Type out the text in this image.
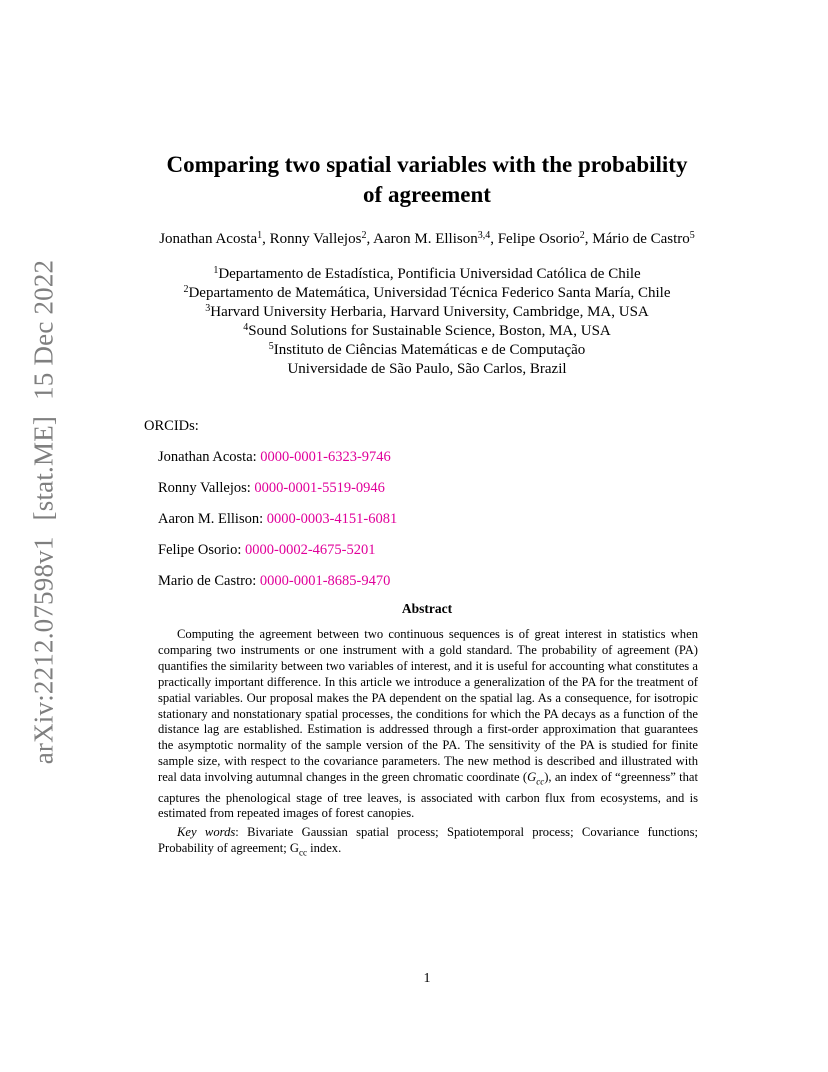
arXiv:2212.07598v1[stat.ME]15 Dec 2022
Comparing two spatial variables with the probability
of agreement
Jonathan Acosta$^1$, Ronny Vallejos$^2$, Aaron M. Ellison$^{3,4}$, Felipe Osorio$^2$, Mário de Castro$^5$
$^1$Departamento de Estadística, Pontificia Universidad Católica de Chile
$^2$Departamento de Matemática, Universidad Técnica Federico Santa María, Chile
$^3$Harvard University Herbaria, Harvard University, Cambridge, MA, USA
$^4$Sound Solutions for Sustainable Science, Boston, MA, USA
$^5$Instituto de Ciências Matemáticas e de Computação
Universidade de São Paulo, São Carlos, Brazil
ORCIDs:
Jonathan Acosta: 0000-0001-6323-9746
Ronny Vallejos: 0000-0001-5519-0946
Aaron M. Ellison: 0000-0003-4151-6081
Felipe Osorio: 0000-0002-4675-5201
Mario de Castro: 0000-0001-8685-9470
Abstract

Computing the agreement between two continuous sequences is of great interest in statistics when comparing two instruments or one instrument with a gold standard. The probability of agreement (PA) quantifies the similarity between two variables of interest, and it is useful for accounting what constitutes a practically important difference. In this article we introduce a generalization of the PA for the treatment of spatial variables. Our proposal makes the PA dependent on the spatial lag. As a consequence, for isotropic stationary and nonstationary spatial processes, the conditions for which the PA decays as a function of the distance lag are established. Estimation is addressed through a first-order approximation that guarantees the asymptotic normality of the sample version of the PA. The sensitivity of the PA is studied for finite sample size, with respect to the covariance parameters. The new method is described and illustrated with real data involving autumnal changes in the green chromatic coordinate $(G_{cc})$, an index of “greenness” that captures the phenological stage of tree leaves, is associated with carbon flux from ecosystems, and is estimated from repeated images of forest canopies.

Key words: Bivariate Gaussian spatial process; Spatiotemporal process; Covariance functions; Probability of agreement; $G_{cc}$ index.

1
